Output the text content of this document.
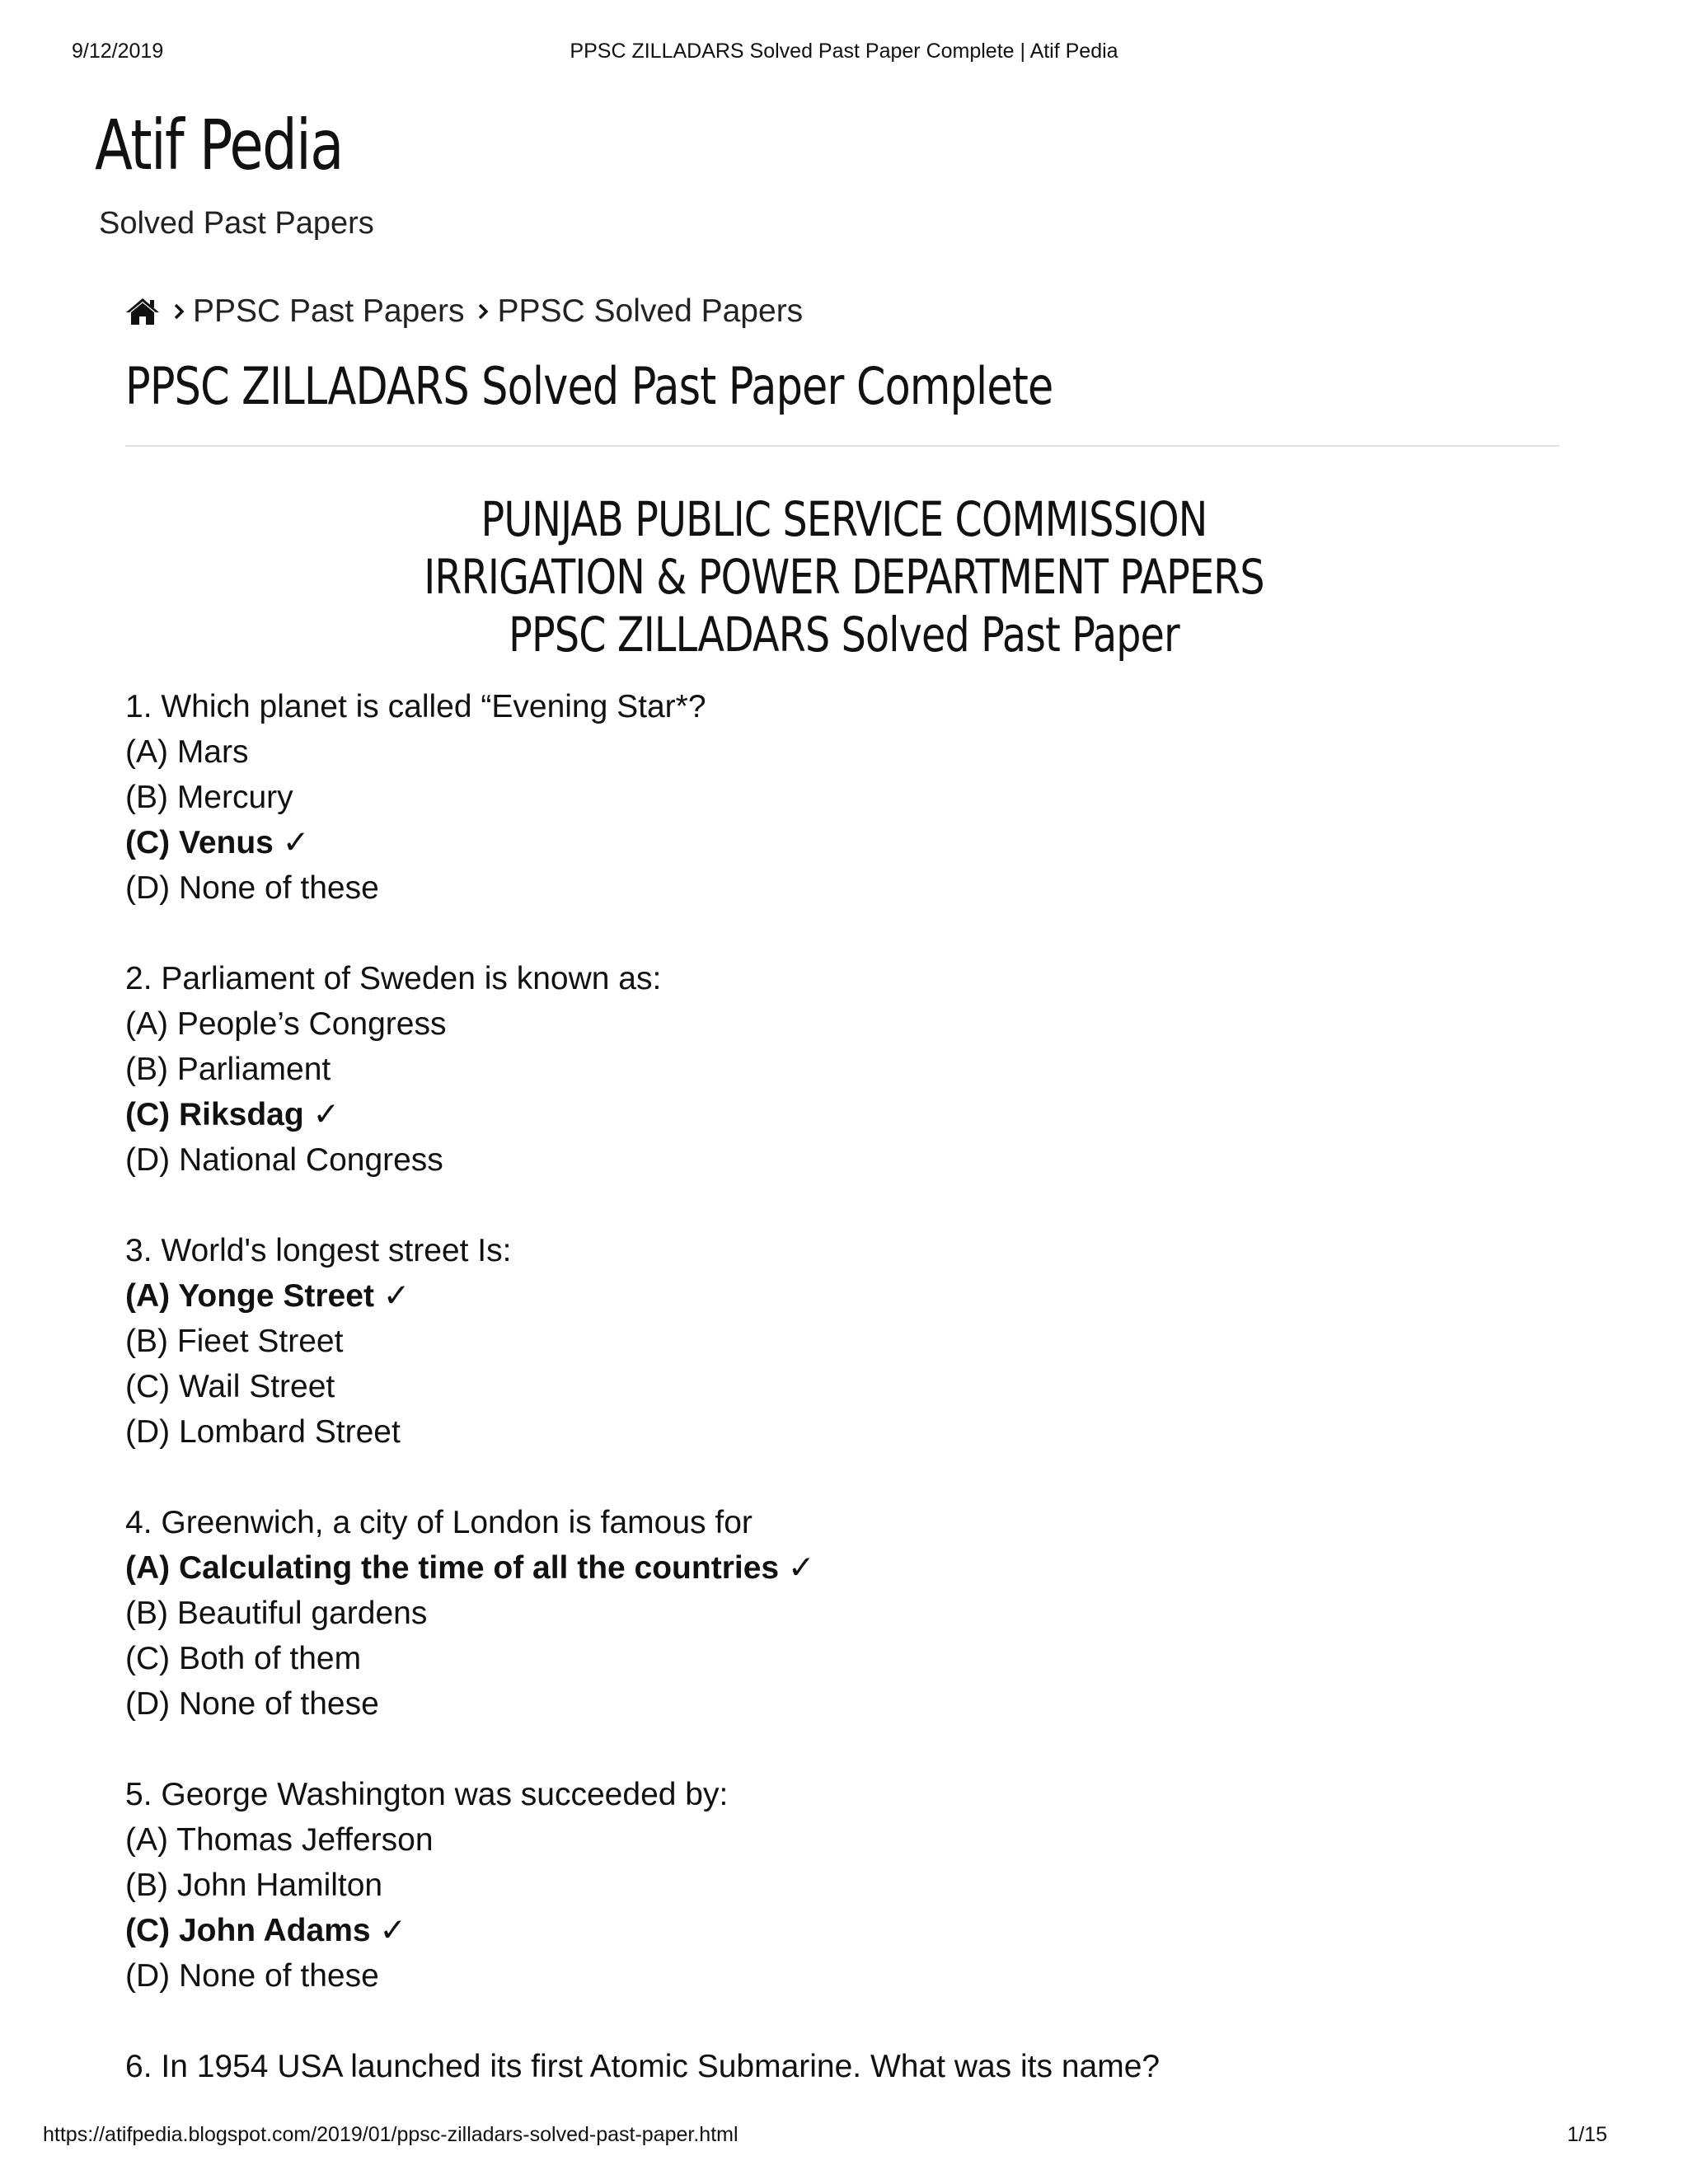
9/12/2019	PPSC ZILLADARS Solved Past Paper Complete | Atif Pedia
Atif Pedia
Solved Past Papers
PPSC Past Papers PPSC Solved Papers
PPSC ZILLADARS Solved Past Paper Complete
PUNJAB PUBLIC SERVICE COMMISSION
IRRIGATION & POWER DEPARTMENT PAPERS
PPSC ZILLADARS Solved Past Paper
1. Which planet is called “Evening Star*?
(A) Mars
(B) Mercury
(C) Venus ✓
(D) None of these
2. Parliament of Sweden is known as:
(A) People’s Congress
(B) Parliament
(C) Riksdag ✓
(D) National Congress
3. World's longest street Is:
(A) Yonge Street ✓
(B) Fieet Street
(C) Wail Street
(D) Lombard Street
4. Greenwich, a city of London is famous for
(A) Calculating the time of all the countries ✓
(B) Beautiful gardens
(C) Both of them
(D) None of these
5. George Washington was succeeded by:
(A) Thomas Jefferson
(B) John Hamilton
(C) John Adams ✓
(D) None of these
6. In 1954 USA launched its first Atomic Submarine. What was its name?
https://atifpedia.blogspot.com/2019/01/ppsc-zilladars-solved-past-paper.html	1/15
